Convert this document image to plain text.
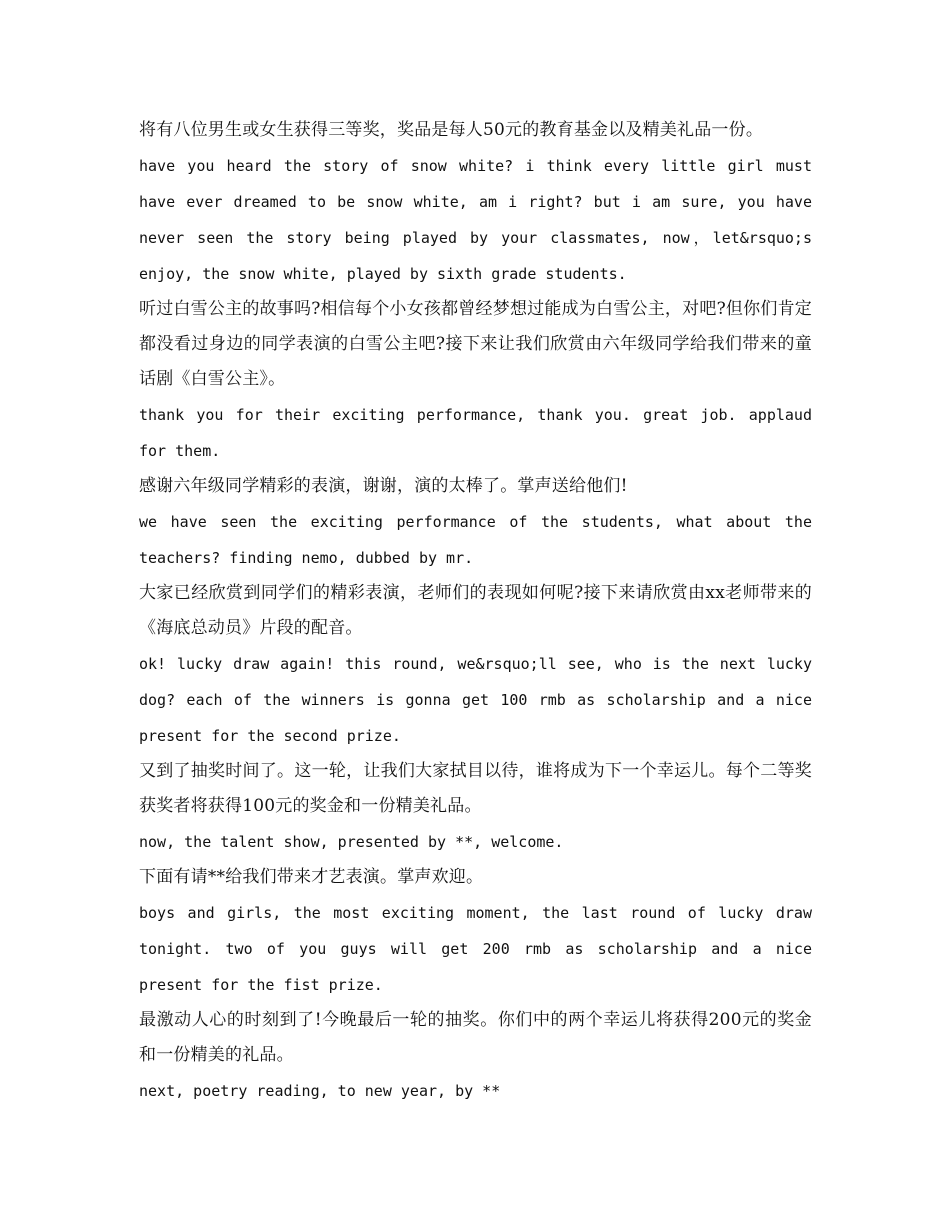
将有八位男生或女生获得三等奖，奖品是每人50元的教育基金以及精美礼品一份。

have you heard the story of snow white? i think every little girl must have ever dreamed to be snow white, am i right? but i am sure, you have never seen the story being played by your classmates, now，let&rsquo;s enjoy, the snow white, played by sixth grade students.

听过白雪公主的故事吗?相信每个小女孩都曾经梦想过能成为白雪公主，对吧?但你们肯定都没看过身边的同学表演的白雪公主吧?接下来让我们欣赏由六年级同学给我们带来的童话剧《白雪公主》。

thank you for their exciting performance, thank you. great job. applaud for them.

感谢六年级同学精彩的表演，谢谢，演的太棒了。掌声送给他们!

we have seen the exciting performance of the students, what about the teachers? finding nemo, dubbed by mr.

大家已经欣赏到同学们的精彩表演，老师们的表现如何呢?接下来请欣赏由xx老师带来的《海底总动员》片段的配音。

ok! lucky draw again! this round, we&rsquo;ll see, who is the next lucky dog? each of the winners is gonna get 100 rmb as scholarship and a nice present for the second prize.

又到了抽奖时间了。这一轮，让我们大家拭目以待，谁将成为下一个幸运儿。每个二等奖获奖者将获得100元的奖金和一份精美礼品。

now, the talent show, presented by **, welcome.

下面有请**给我们带来才艺表演。掌声欢迎。

boys and girls, the most exciting moment, the last round of lucky draw tonight. two of you guys will get 200 rmb as scholarship and a nice present for the fist prize.

最激动人心的时刻到了!今晚最后一轮的抽奖。你们中的两个幸运儿将获得200元的奖金和一份精美的礼品。

next, poetry reading, to new year, by **
